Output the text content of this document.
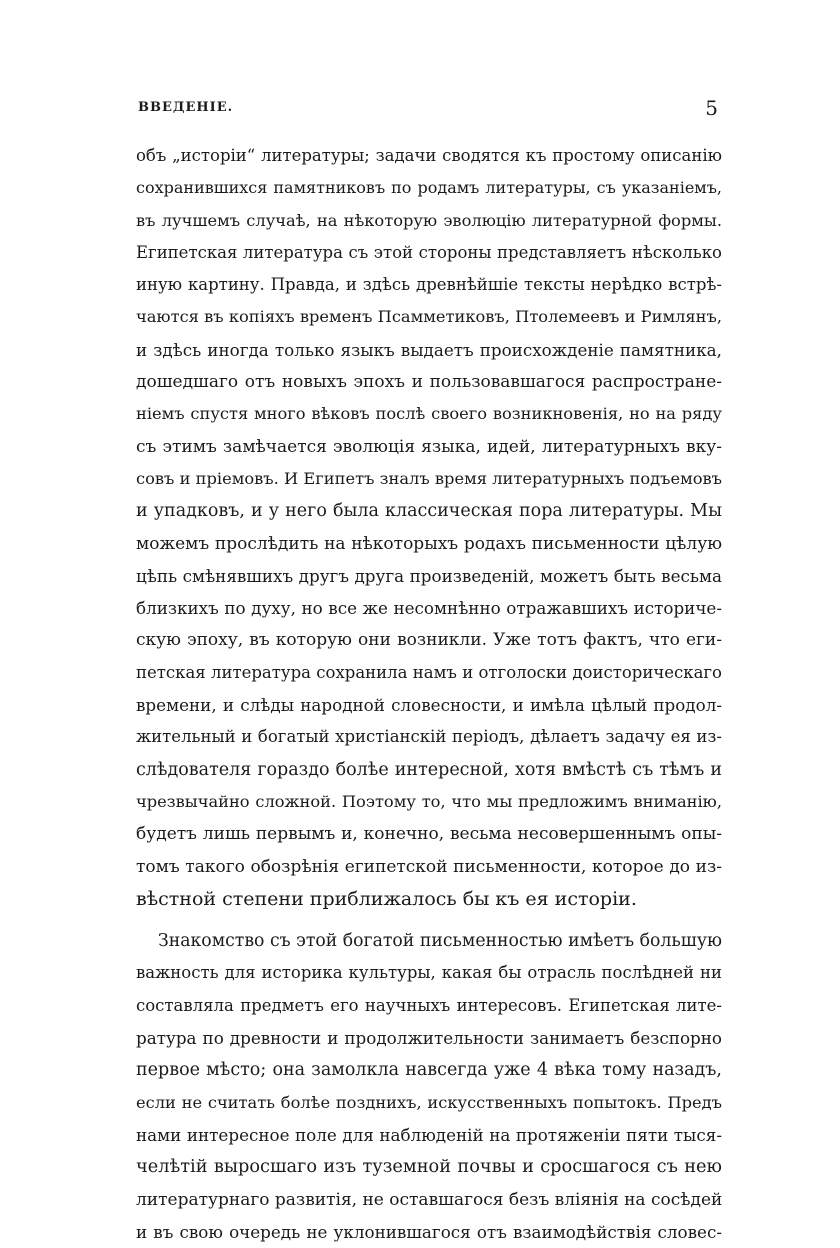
ВВЕДЕНIЕ.	5
объ „исторіи“ литературы; задачи сводятся къ простому описанію
сохранившихся памятниковъ по родамъ литературы, съ указаніемъ,
въ лучшемъ случаѣ, на нѣкоторую эволюцію литературной формы.
Египетская литература съ этой стороны представляетъ нѣсколько
иную картину. Правда, и здѣсь древнѣйшіе тексты нерѣдко встрѣ-
чаются въ копіяхъ временъ Псамметиковъ, Птолемеевъ и Римлянъ,
и здѣсь иногда только языкъ выдаетъ происхожденіе памятника,
дошедшаго отъ новыхъ эпохъ и пользовавшагося распростране-
ніемъ спустя много вѣковъ послѣ своего возникновенія, но на ряду
съ этимъ замѣчается эволюція языка, идей, литературныхъ вку-
совъ и пріемовъ. И Египетъ зналъ время литературныхъ подъемовъ
и упадковъ, и у него была классическая пора литературы. Мы
можемъ прослѣдить на нѣкоторыхъ родахъ письменности цѣлую
цѣпь смѣнявшихъ другъ друга произведеній, можетъ быть весьма
близкихъ по духу, но все же несомнѣнно отражавшихъ историче-
скую эпоху, въ которую они возникли. Уже тотъ фактъ, что еги-
петская литература сохранила намъ и отголоски доисторическаго
времени, и слѣды народной словесности, и имѣла цѣлый продол-
жительный и богатый христіанскій періодъ, дѣлаетъ задачу ея из-
слѣдователя гораздо болѣе интересной, хотя вмѣстѣ съ тѣмъ и
чрезвычайно сложной. Поэтому то, что мы предложимъ вниманію,
будетъ лишь первымъ и, конечно, весьма несовершеннымъ опы-
томъ такого обозрѣнія египетской письменности, которое до из-
вѣстной степени приближалось бы къ ея исторіи.
Знакомство съ этой богатой письменностью имѣетъ большую
важность для историка культуры, какая бы отрасль послѣдней ни
составляла предметъ его научныхъ интересовъ. Египетская лите-
ратура по древности и продолжительности занимаетъ безспорно
первое мѣсто; она замолкла навсегда уже 4 вѣка тому назадъ,
если не считать болѣе позднихъ, искусственныхъ попытокъ. Предъ
нами интересное поле для наблюденій на протяженіи пяти тыся-
челѣтій выросшаго изъ туземной почвы и сросшагося съ нею
литературнаго развитія, не оставшагося безъ вліянія на сосѣдей
и въ свою очередь не уклонившагося отъ взаимодѣйствія словес-
